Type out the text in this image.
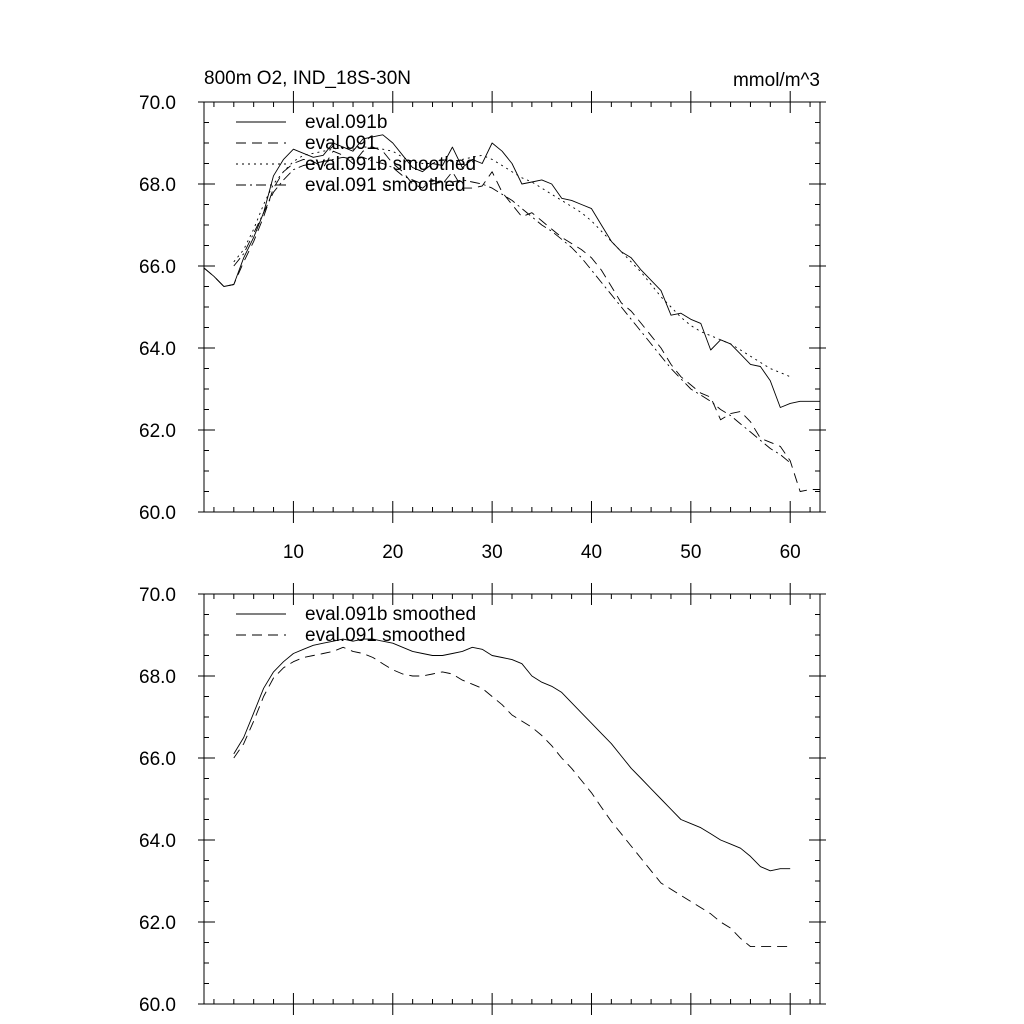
800m O2, IND_18S-30N	mmol/m^3
60.0
62.0
64.0
66.0
68.0
70.0
10	20	30	40	50	60
eval.091b
eval.091
eval.091b smoothed
eval.091 smoothed
60.0
62.0
64.0
66.0
68.0
70.0
eval.091b smoothed
eval.091 smoothed
